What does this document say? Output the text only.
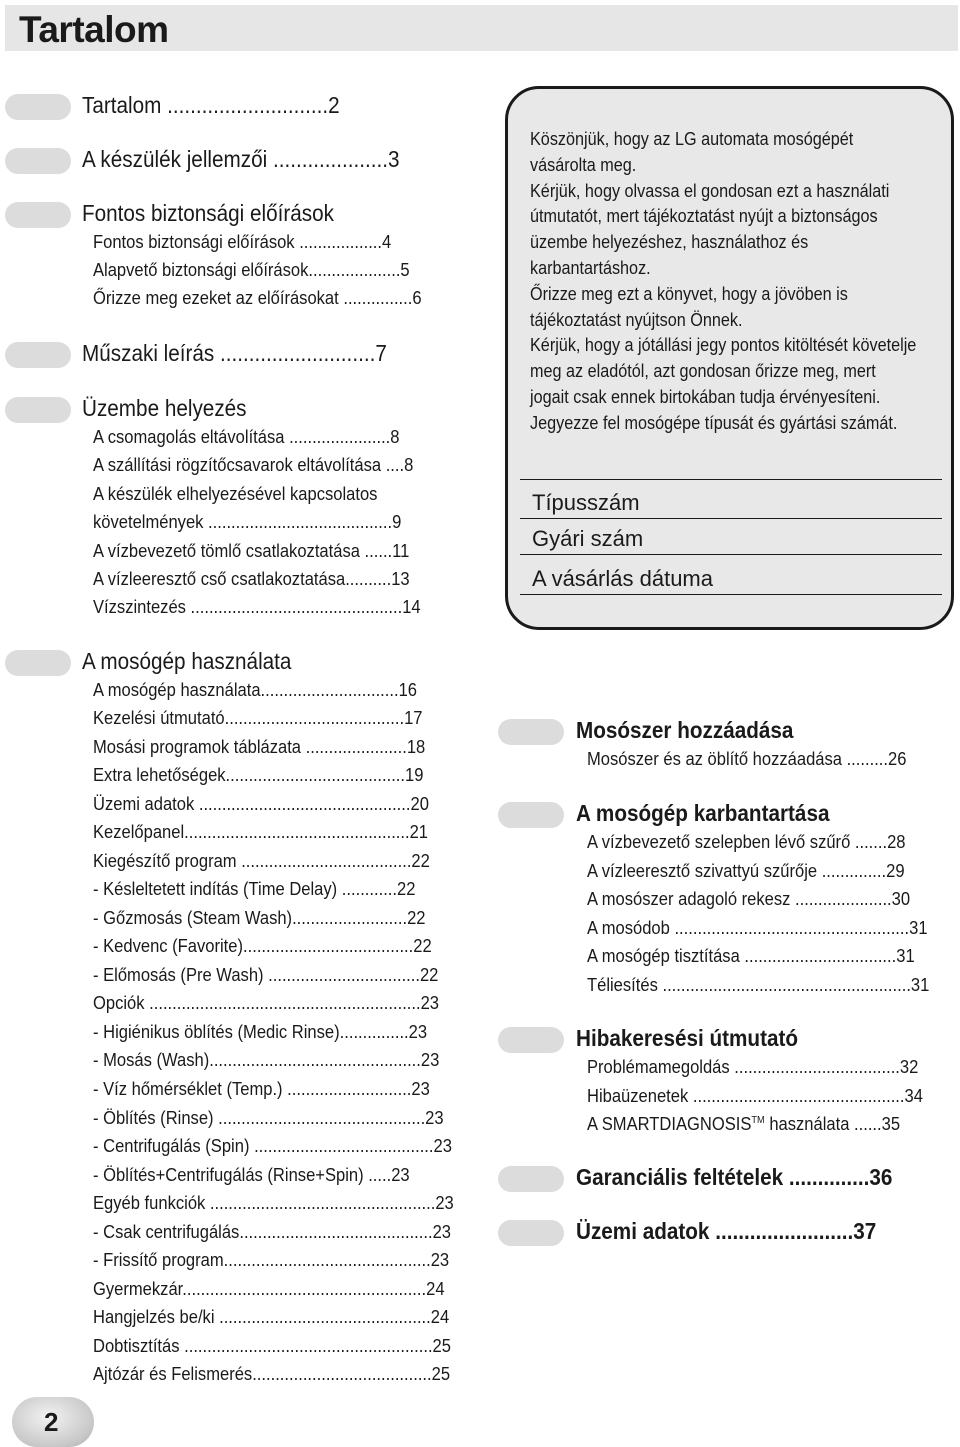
Tartalom
Tartalom ............................2
A készülék jellemzői ....................3
Fontos biztonsági előírások
Fontos biztonsági előírások ..................4
Alapvető biztonsági előírások....................5
Őrizze meg ezeket az előírásokat ...............6
Műszaki leírás ...........................7
Üzembe helyezés
A csomagolás eltávolítása ......................8
A szállítási rögzítőcsavarok eltávolítása ....8
A készülék elhelyezésével kapcsolatos
követelmények ........................................9
A vízbevezető tömlő csatlakoztatása ......11
A vízleeresztő cső csatlakoztatása..........13
Vízszintezés ..............................................14
A mosógép használata
A mosógép használata..............................16
Kezelési útmutató.......................................17
Mosási programok táblázata ......................18
Extra lehetőségek.......................................19
Üzemi adatok ..............................................20
Kezelőpanel.................................................21
Kiegészítő program .....................................22
- Késleltetett indítás (Time Delay) ............22
- Gőzmosás (Steam Wash).........................22
- Kedvenc (Favorite).....................................22
- Előmosás (Pre Wash) .................................22
Opciók ...........................................................23
- Higiénikus öblítés (Medic Rinse)...............23
- Mosás (Wash)..............................................23
- Víz hőmérséklet (Temp.) ...........................23
- Öblítés (Rinse) .............................................23
- Centrifugálás (Spin) .......................................23
- Öblítés+Centrifugálás (Rinse+Spin) .....23
Egyéb funkciók .................................................23
- Csak centrifugálás..........................................23
- Frissítő program.............................................23
Gyermekzár.....................................................24
Hangjelzés be/ki ..............................................24
Dobtisztítás ......................................................25
Ajtózár és Felismerés.......................................25
Mosószer hozzáadása
Mosószer és az öblítő hozzáadása .........26
A mosógép karbantartása
A vízbevezető szelepben lévő szűrő .......28
A vízleeresztő szivattyú szűrője ..............29
A mosószer adagoló rekesz .....................30
A mosódob ...................................................31
A mosógép tisztítása .................................31
Téliesítés ......................................................31
Hibakeresési útmutató
Problémamegoldás ....................................32
Hibaüzenetek ..............................................34
A SMARTDIAGNOSIS™ használata ......35
Garanciális feltételek ..............36
Üzemi adatok ........................37

Köszönjük, hogy az LG automata mosógépét vásárolta meg.

Kérjük, hogy olvassa el gondosan ezt a használati útmutatót, mert tájékoztatást nyújt a biztonságos üzembe helyezéshez, használathoz és karbantartáshoz.

Őrizze meg ezt a könyvet, hogy a jövöben is tájékoztatást nyújtson Önnek.

Kérjük, hogy a jótállási jegy pontos kitöltését követelje meg az eladótól, azt gondosan őrizze meg, mert jogait csak ennek birtokában tudja érvényesíteni.

Jegyezze fel mosógépe típusát és gyártási számát.

Típusszám
Gyári szám
A vásárlás dátuma
2
